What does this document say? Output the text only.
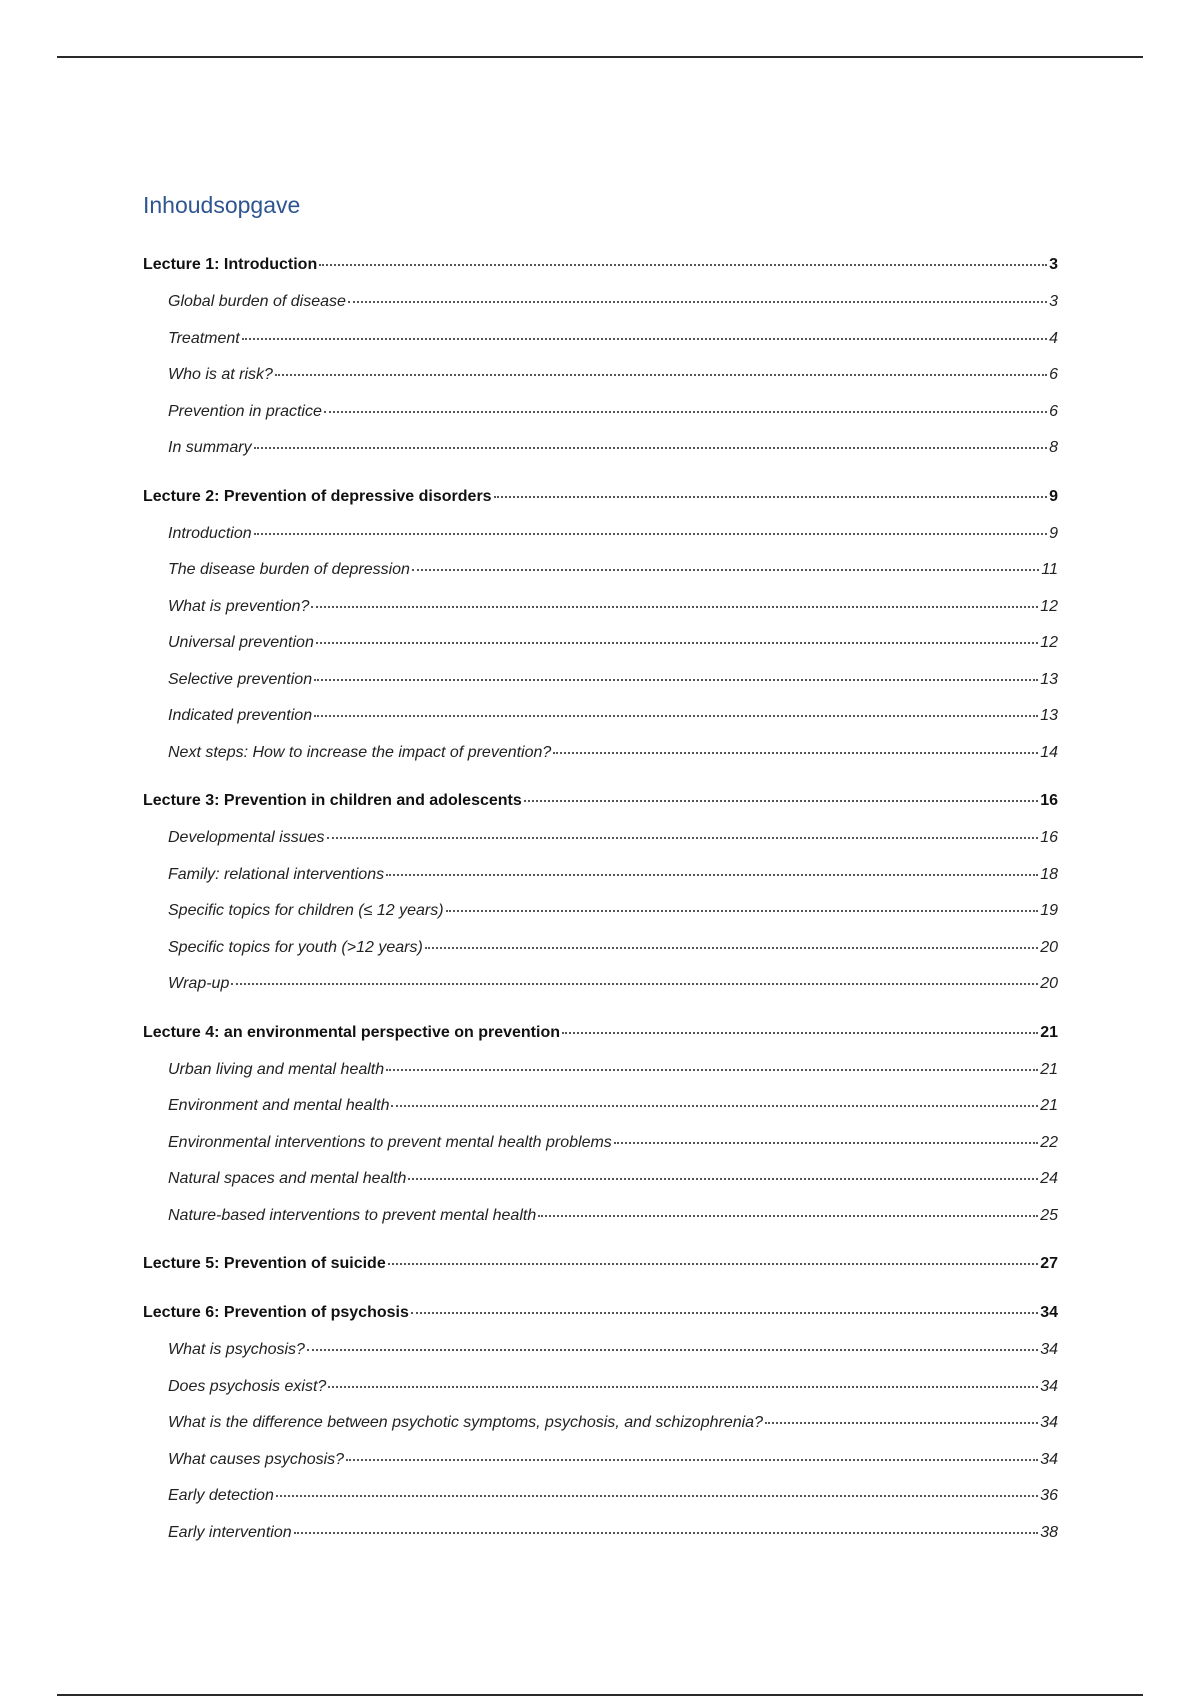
Inhoudsopgave
Lecture 1: Introduction	3
Global burden of disease	3
Treatment	4
Who is at risk?	6
Prevention in practice	6
In summary	8
Lecture 2: Prevention of depressive disorders	9
Introduction	9
The disease burden of depression	11
What is prevention?	12
Universal prevention	12
Selective prevention	13
Indicated prevention	13
Next steps: How to increase the impact of prevention?	14
Lecture 3: Prevention in children and adolescents	16
Developmental issues	16
Family: relational interventions	18
Specific topics for children (≤ 12 years)	19
Specific topics for youth (>12 years)	20
Wrap-up	20
Lecture 4: an environmental perspective on prevention	21
Urban living and mental health	21
Environment and mental health	21
Environmental interventions to prevent mental health problems	22
Natural spaces and mental health	24
Nature-based interventions to prevent mental health	25
Lecture 5: Prevention of suicide	27
Lecture 6: Prevention of psychosis	34
What is psychosis?	34
Does psychosis exist?	34
What is the difference between psychotic symptoms, psychosis, and schizophrenia?	34
What causes psychosis?	34
Early detection	36
Early intervention	38
